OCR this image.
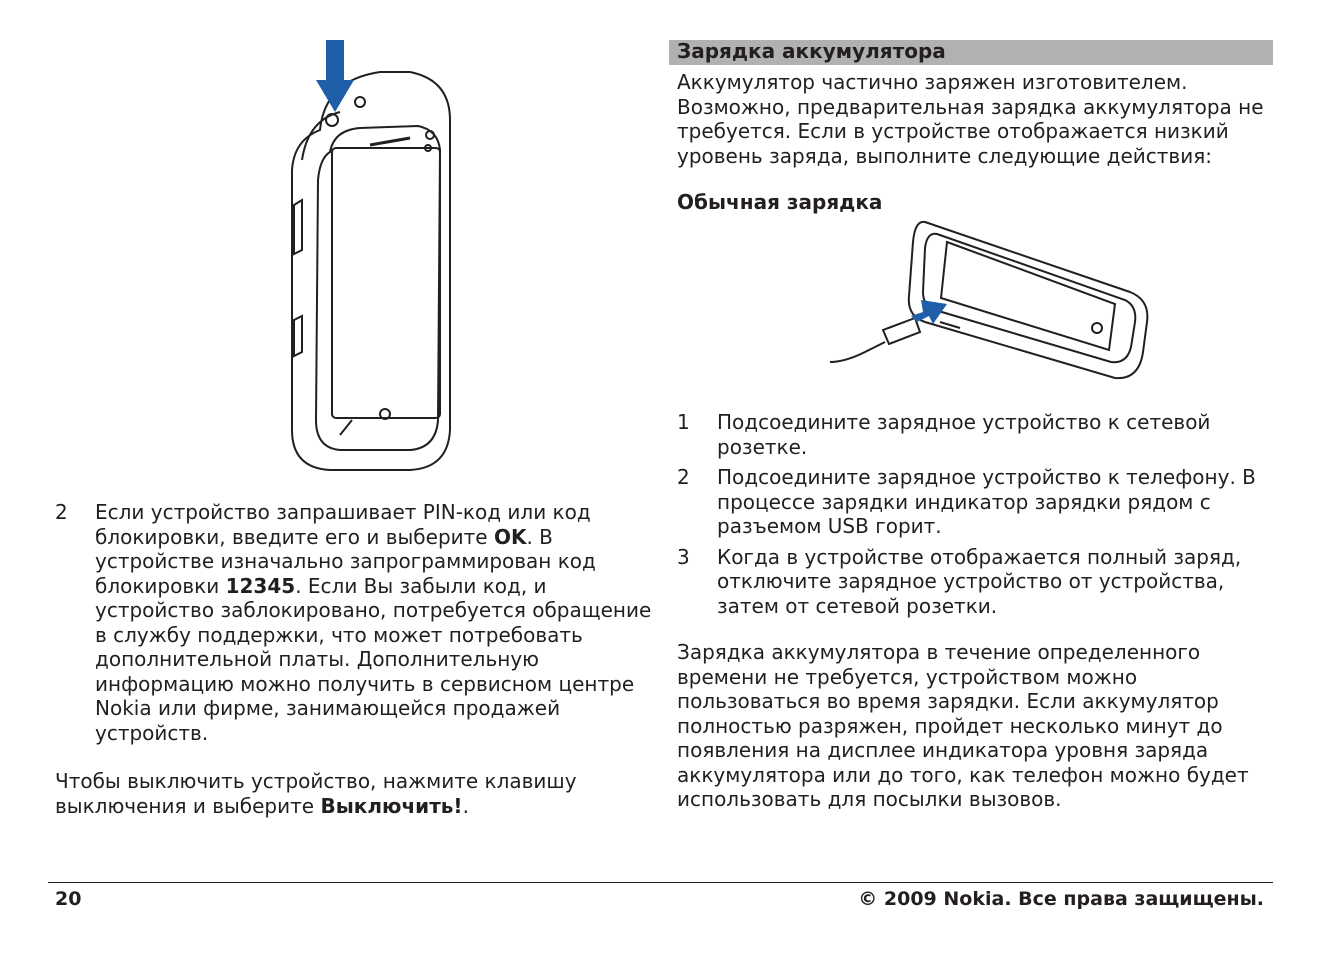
2 Если устройство запрашивает PIN-код или код блокировки, введите его и выберите OK. В устройстве изначально запрограммирован код блокировки 12345. Если Вы забыли код, и устройство заблокировано, потребуется обращение в службу поддержки, что может потребовать дополнительной платы. Дополнительную информацию можно получить в сервисном центре Nokia или фирме, занимающейся продажей устройств.
Чтобы выключить устройство, нажмите клавишу выключения и выберите Выключить!.
Зарядка аккумулятора
Аккумулятор частично заряжен изготовителем. Возможно, предварительная зарядка аккумулятора не требуется. Если в устройстве отображается низкий уровень заряда, выполните следующие действия:
Обычная зарядка
1 Подсоедините зарядное устройство к сетевой розетке.
2 Подсоедините зарядное устройство к телефону. В процессе зарядки индикатор зарядки рядом с разъемом USB горит.
3 Когда в устройстве отображается полный заряд, отключите зарядное устройство от устройства, затем от сетевой розетки.
Зарядка аккумулятора в течение определенного времени не требуется, устройством можно пользоваться во время зарядки. Если аккумулятор полностью разряжен, пройдет несколько минут до появления на дисплее индикатора уровня заряда аккумулятора или до того, как телефон можно будет использовать для посылки вызовов.
20	© 2009 Nokia. Все права защищены.
